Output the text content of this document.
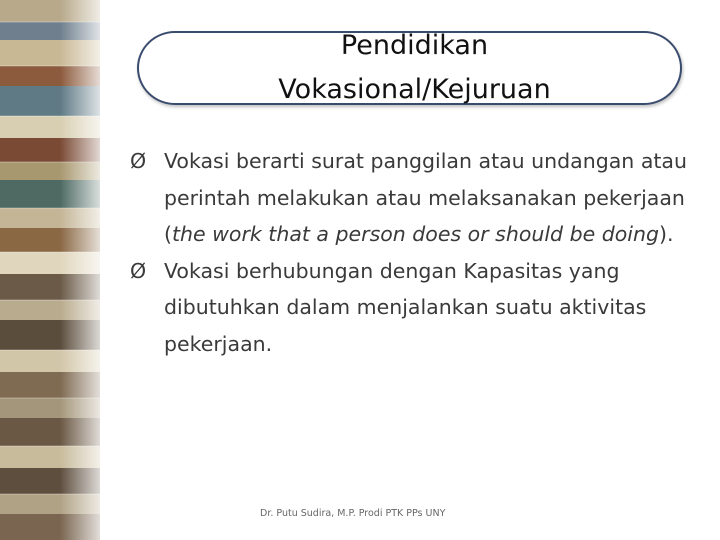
Pendidikan
Vokasional/Kejuruan

Ø Vokasi berarti surat panggilan atau undangan atau perintah melakukan atau melaksanakan pekerjaan (the work that a person does or should be doing).

Ø Vokasi berhubungan dengan Kapasitas yang dibutuhkan dalam menjalankan suatu aktivitas pekerjaan.

Dr. Putu Sudira, M.P. Prodi PTK PPs UNY
